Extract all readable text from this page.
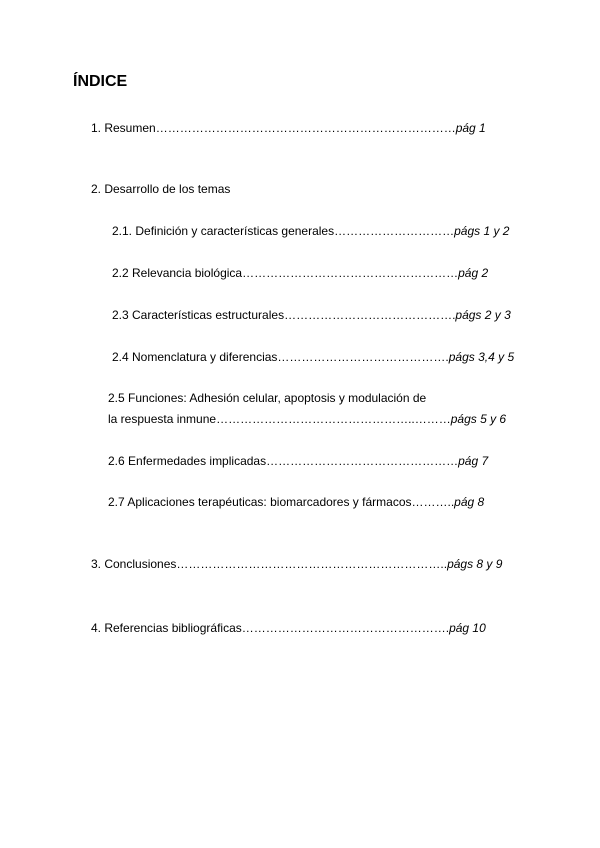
ÍNDICE
1. Resumen…………………………………………………………………pág 1
2. Desarrollo de los temas
2.1. Definición y características generales…………………………págs 1 y 2
2.2 Relevancia biológica………………………………………………pág 2
2.3 Características estructurales…………………………………….págs 2 y 3
2.4 Nomenclatura y diferencias…………………………………….págs 3,4 y 5
2.5 Funciones: Adhesión celular, apoptosis y modulación de
la respuesta inmune…………………………………………..………págs 5 y 6
2.6 Enfermedades implicadas…………………………………………pág 7
2.7 Aplicaciones terapéuticas: biomarcadores y fármacos………..pág 8
3. Conclusiones…………………………………………………………..págs 8 y 9
4. Referencias bibliográficas…………………………………………….pág 10
